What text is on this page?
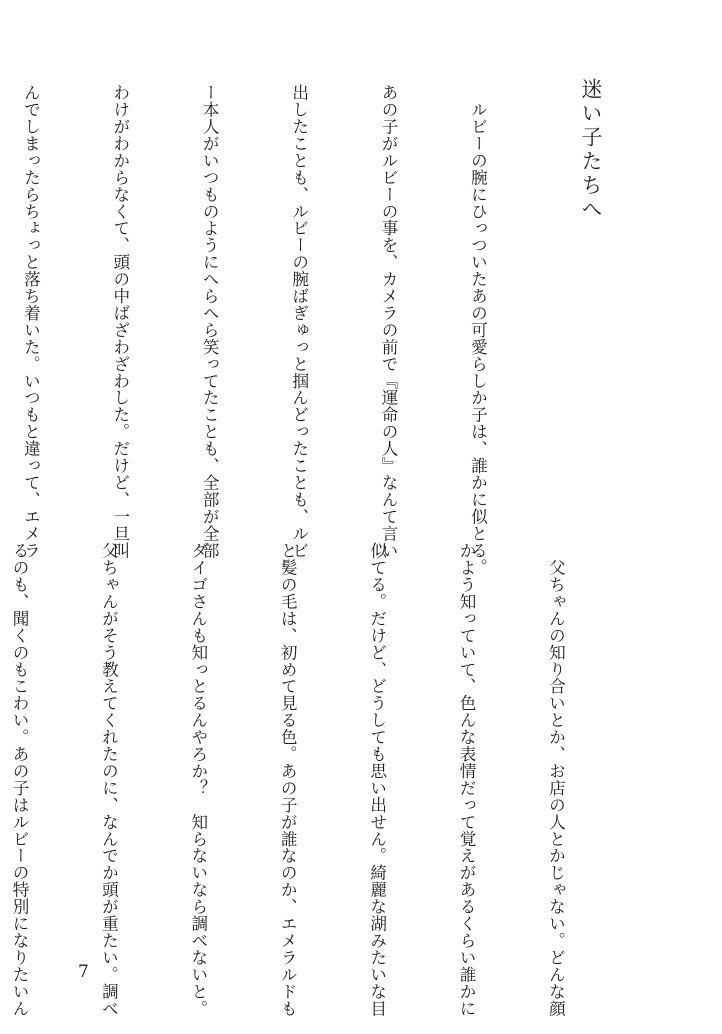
迷い子たちへ

　ルビーの腕にひっついたあの可愛らしか子は、誰かに似とる。

あの子がルビーの事を、カメラの前で『運命の人』なんて言い

出したことも、ルビーの腕ばぎゅっと掴んどったことも、ルビ

ー本人がいつものようにへらへら笑ってたことも、全部が全部

わけがわからなくて、頭の中ばざわざわした。だけど、一旦叫

んでしまったらちょっと落ち着いた。いつもと違って、エメラ

　父ちゃんの知り合いとか、お店の人とかじゃない。どんな顔

かよう知っていて、色んな表情だって覚えがあるくらい誰かに

似てる。だけど、どうしても思い出せん。綺麗な湖みたいな目

と髪の毛は、初めて見る色。あの子が誰なのか、エメラルドも

ダイゴさんも知っとるんやろか？　知らないなら調べないと。

父ちゃんがそう教えてくれたのに、なんでか頭が重たい。調べ

るのも、聞くのもこわい。あの子はルビーの特別になりたいん

	7
